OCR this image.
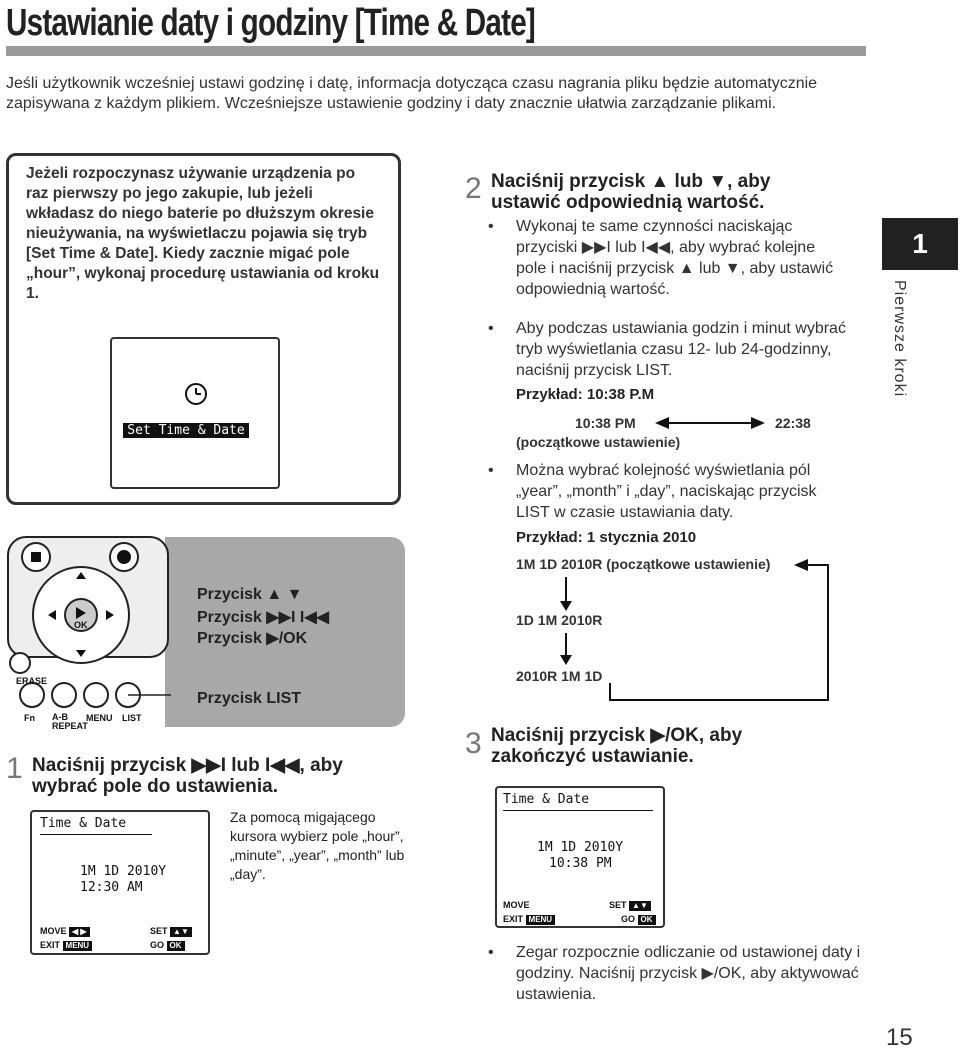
Ustawianie daty i godziny [Time & Date]
Jeśli użytkownik wcześniej ustawi godzinę i datę, informacja dotycząca czasu nagrania pliku będzie automatycznie zapisywana z każdym plikiem. Wcześniejsze ustawienie godziny i daty znacznie ułatwia zarządzanie plikami.
Jeżeli rozpoczynasz używanie urządzenia po raz pierwszy po jego zakupie, lub jeżeli wkładasz do niego baterie po dłuższym okresie nieużywania, na wyświetlaczu pojawia się tryb [Set Time & Date]. Kiedy zacznie migać pole „hour”, wykonaj procedurę ustawiania od kroku 1.
Set Time & Date
OK
ERASE
Fn A-B REPEAT
MENU LIST
Przycisk ▲ ▼
Przycisk ▶▶I I◀◀
Przycisk ▶/OK
Przycisk LIST
1 Naciśnij przycisk ▶▶I lub I◀◀, aby wybrać pole do ustawienia.
Time & Date
1M 1D 2010Y
12:30 AM
MOVE ◀ ▶	SET ▲▼
EXIT MENU	GO OK
Za pomocą migającego kursora wybierz pole „hour”, „minute”, „year”, „month” lub „day”.
2 Naciśnij przycisk ▲ lub ▼, aby ustawić odpowiednią wartość.
• Wykonaj te same czynności naciskając przyciski ▶▶I lub I◀◀, aby wybrać kolejne pole i naciśnij przycisk ▲ lub ▼, aby ustawić odpowiednią wartość.
• Aby podczas ustawiania godzin i minut wybrać tryb wyświetlania czasu 12- lub 24-godzinny, naciśnij przycisk LIST.
• Można wybrać kolejność wyświetlania pól „year”, „month” i „day”, naciskając przycisk LIST w czasie ustawiania daty.
Przykład: 10:38 P.M
10:38 PM	22:38
(początkowe ustawienie)
Przykład: 1 stycznia 2010
1M 1D 2010R (początkowe ustawienie)
1D 1M 2010R
2010R 1M 1D
3 Naciśnij przycisk ▶/OK, aby zakończyć ustawianie.
Time & Date
1M 1D 2010Y
10:38 PM
MOVE	SET ▲▼
EXIT MENU	GO OK
• Zegar rozpocznie odliczanie od ustawionej daty i godziny. Naciśnij przycisk ▶/OK, aby aktywować ustawienia.
1
Pierwsze kroki
15
